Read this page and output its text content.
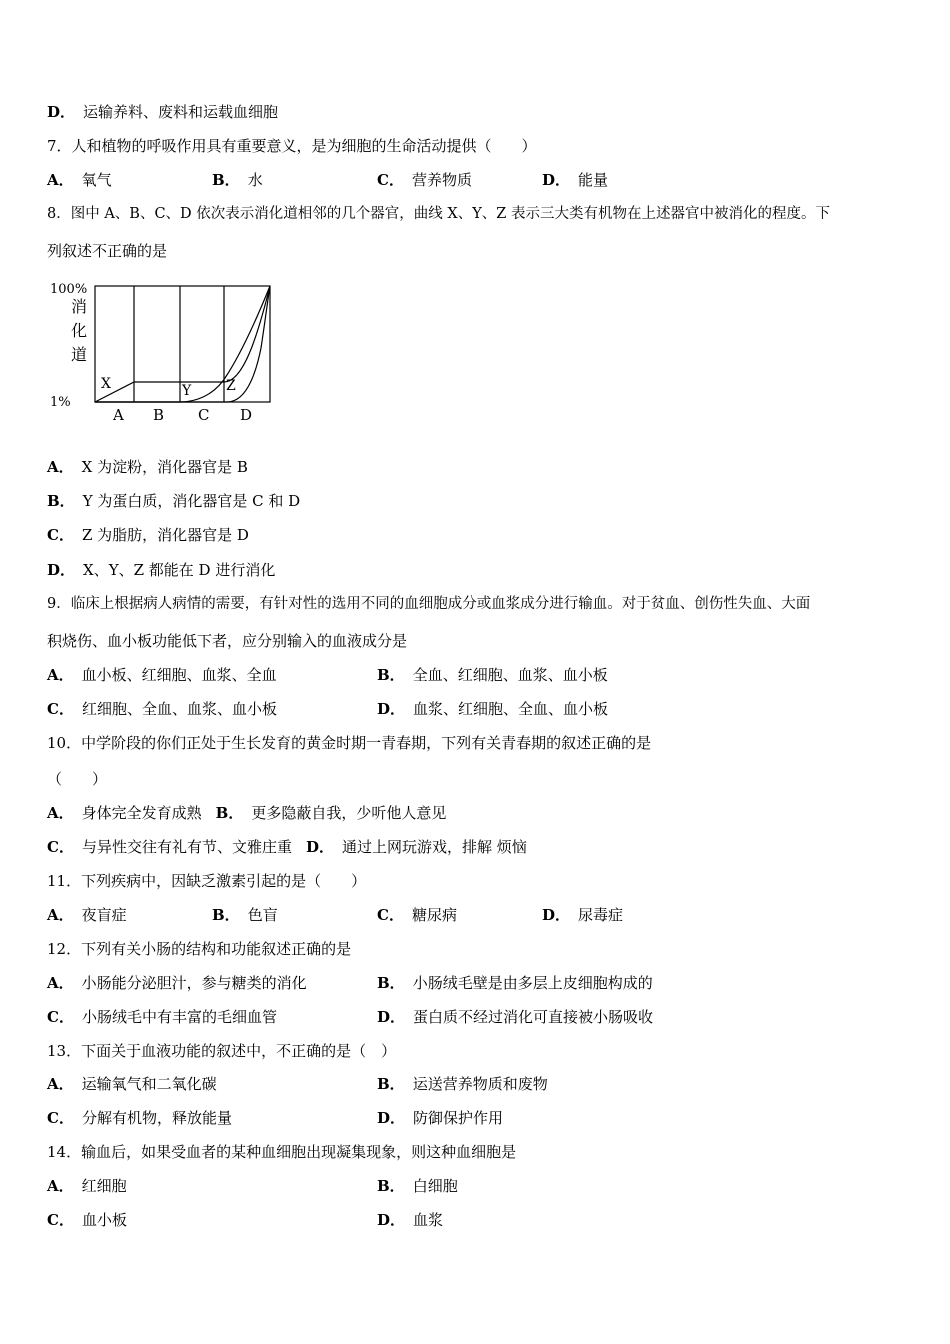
D． 运输养料、废料和运载血细胞
7．人和植物的呼吸作用具有重要意义，是为细胞的生命活动提供（　　）
A． 氧气	B． 水	C． 营养物质	D． 能量
8．图中 A、B、C、D 依次表示消化道相邻的几个器官，曲线 X、Y、Z 表示三大类有机物在上述器官中被消化的程度。下
列叙述不正确的是
100%
1%
消
化
道
A B C D
X	Y Z
A． X 为淀粉，消化器官是 B
B． Y 为蛋白质，消化器官是 C 和 D
C． Z 为脂肪，消化器官是 D
D． X、Y、Z 都能在 D 进行消化
9．临床上根据病人病情的需要，有针对性的选用不同的血细胞成分或血浆成分进行输血。对于贫血、创伤性失血、大面
积烧伤、血小板功能低下者，应分别输入的血液成分是
A． 血小板、红细胞、血浆、全血	B． 全血、红细胞、血浆、血小板
C． 红细胞、全血、血浆、血小板	D． 血浆、红细胞、全血、血小板
10．中学阶段的你们正处于生长发育的黄金时期一青春期，下列有关青春期的叙述正确的是
（　　）
A． 身体完全发育成熟 B． 更多隐蔽自我，少听他人意见
C． 与异性交往有礼有节、文雅庄重 D． 通过上网玩游戏，排解 烦恼
11．下列疾病中，因缺乏激素引起的是（　　）
A． 夜盲症	B． 色盲	C． 糖尿病	D． 尿毒症
12．下列有关小肠的结构和功能叙述正确的是
A． 小肠能分泌胆汁，参与糖类的消化	B． 小肠绒毛壁是由多层上皮细胞构成的
C． 小肠绒毛中有丰富的毛细血管	D． 蛋白质不经过消化可直接被小肠吸收
13．下面关于血液功能的叙述中，不正确的是（　）
A． 运输氧气和二氧化碳	B． 运送营养物质和废物
C． 分解有机物，释放能量	D． 防御保护作用
14．输血后，如果受血者的某种血细胞出现凝集现象，则这种血细胞是
A． 红细胞	B． 白细胞
C． 血小板	D． 血浆
